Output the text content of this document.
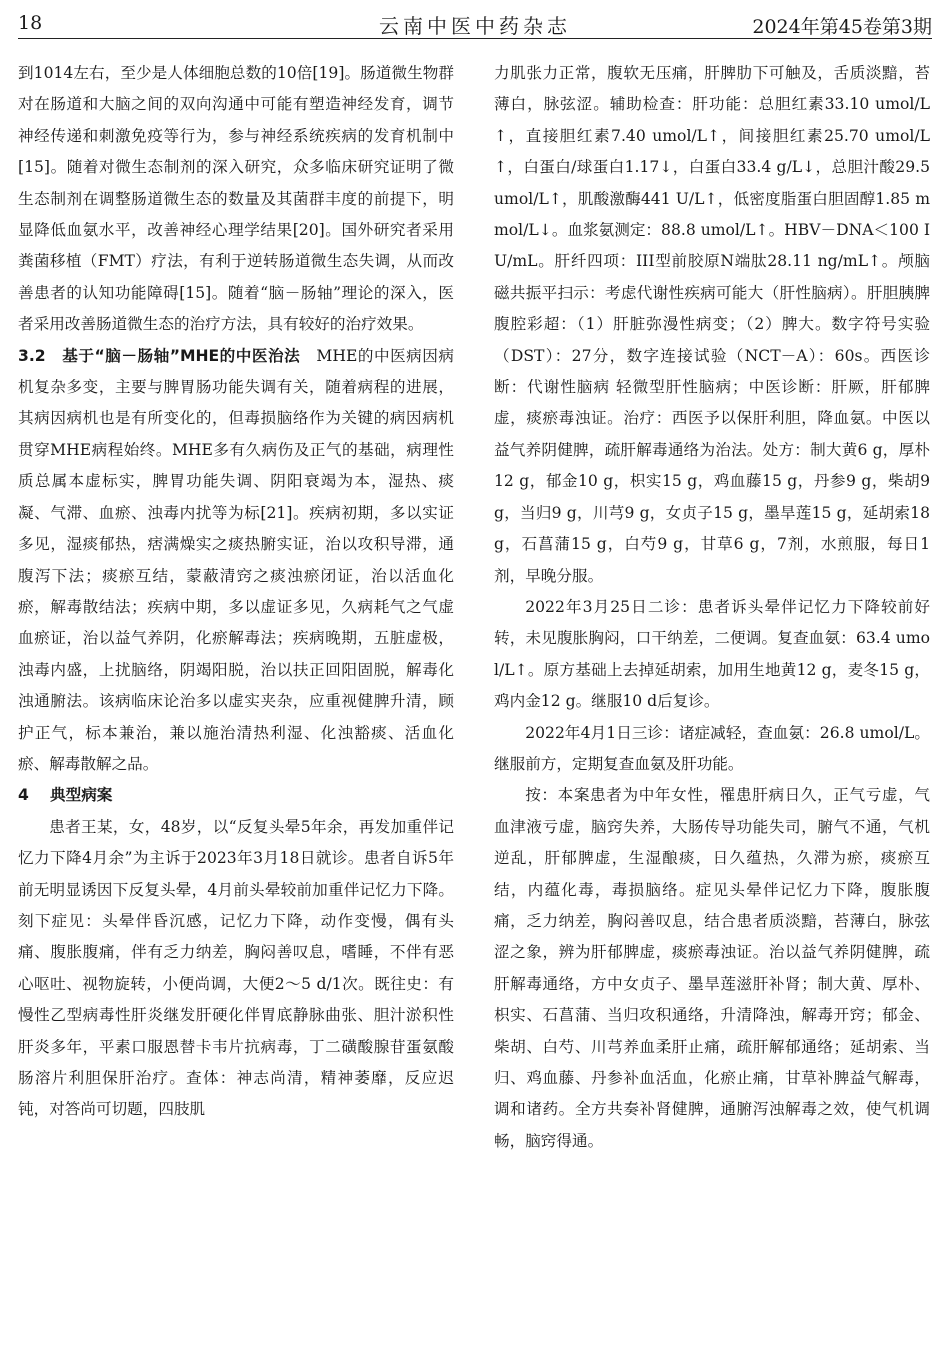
18	云南中医中药杂志	2024年第45卷第3期

到1014左右，至少是人体细胞总数的10倍[19]。肠道微生物群对在肠道和大脑之间的双向沟通中可能有塑造神经发育，调节神经传递和刺激免疫等行为，参与神经系统疾病的发育机制中[15]。随着对微生态制剂的深入研究，众多临床研究证明了微生态制剂在调整肠道微生态的数量及其菌群丰度的前提下，明显降低血氨水平，改善神经心理学结果[20]。国外研究者采用粪菌移植（FMT）疗法，有利于逆转肠道微生态失调，从而改善患者的认知功能障碍[15]。随着“脑－肠轴”理论的深入，医者采用改善肠道微生态的治疗方法，具有较好的治疗效果。

3.2　基于“脑－肠轴”MHE的中医治法　 MHE的中医病因病机复杂多变，主要与脾胃肠功能失调有关，随着病程的进展，其病因病机也是有所变化的，但毒损脑络作为关键的病因病机贯穿MHE病程始终。MHE多有久病伤及正气的基础，病理性质总属本虚标实，脾胃功能失调、阴阳衰竭为本，湿热、痰凝、气滞、血瘀、浊毒内扰等为标[21]。疾病初期，多以实证多见，湿痰郁热，痞满燥实之痰热腑实证，治以攻积导滞，通腹泻下法；痰瘀互结，蒙蔽清窍之痰浊瘀闭证，治以活血化瘀，解毒散结法；疾病中期，多以虚证多见，久病耗气之气虚血瘀证，治以益气养阴，化瘀解毒法；疾病晚期，五脏虚极，浊毒内盛，上扰脑络，阴竭阳脱，治以扶正回阳固脱，解毒化浊通腑法。该病临床论治多以虚实夹杂，应重视健脾升清，顾护正气，标本兼治，兼以施治清热利湿、化浊豁痰、活血化瘀、解毒散解之品。

4 典型病案

患者王某，女，48岁，以“反复头晕5年余，再发加重伴记忆力下降4月余”为主诉于2023年3月18日就诊。患者自诉5年前无明显诱因下反复头晕，4月前头晕较前加重伴记忆力下降。刻下症见：头晕伴昏沉感，记忆力下降，动作变慢，偶有头痛、腹胀腹痛，伴有乏力纳差，胸闷善叹息，嗜睡，不伴有恶心呕吐、视物旋转，小便尚调，大便2～5 d/1次。既往史：有慢性乙型病毒性肝炎继发肝硬化伴胃底静脉曲张、胆汁淤积性肝炎多年，平素口服恩替卡韦片抗病毒，丁二磺酸腺苷蛋氨酸肠溶片利胆保肝治疗。查体：神志尚清，精神萎靡，反应迟钝，对答尚可切题，四肢肌

力肌张力正常，腹软无压痛，肝脾肋下可触及，舌质淡黯，苔薄白，脉弦涩。辅助检查：肝功能：总胆红素33.10 umol/L↑，直接胆红素7.40 umol/L↑，间接胆红素25.70 umol/L↑，白蛋白/球蛋白1.17↓，白蛋白33.4 g/L↓，总胆汁酸29.5 umol/L↑，肌酸激酶441 U/L↑，低密度脂蛋白胆固醇1.85 mmol/L↓。血浆氨测定：88.8 umol/L↑。HBV－DNA＜100 IU/mL。肝纤四项：III型前胶原N端肽28.11 ng/mL↑。颅脑磁共振平扫示：考虑代谢性疾病可能大（肝性脑病）。肝胆胰脾腹腔彩超：（1）肝脏弥漫性病变；（2）脾大。数字符号实验（DST）：27分，数字连接试验（NCT－A）：60s。西医诊断：代谢性脑病 轻微型肝性脑病；中医诊断：肝厥，肝郁脾虚，痰瘀毒浊证。治疗：西医予以保肝利胆，降血氨。中医以益气养阴健脾，疏肝解毒通络为治法。处方：制大黄6 g，厚朴12 g，郁金10 g，枳实15 g，鸡血藤15 g，丹参9 g，柴胡9 g，当归9 g，川芎9 g，女贞子15 g，墨旱莲15 g，延胡索18 g，石菖蒲15 g，白芍9 g，甘草6 g，7剂，水煎服，每日1剂，早晚分服。

2022年3月25日二诊：患者诉头晕伴记忆力下降较前好转，未见腹胀胸闷，口干纳差，二便调。复查血氨：63.4 umol/L↑。原方基础上去掉延胡索，加用生地黄12 g，麦冬15 g，鸡内金12 g。继服10 d后复诊。

2022年4月1日三诊：诸症减轻，查血氨：26.8 umol/L。继服前方，定期复查血氨及肝功能。

按：本案患者为中年女性，罹患肝病日久，正气亏虚，气血津液亏虚，脑窍失养，大肠传导功能失司，腑气不通，气机逆乱，肝郁脾虚，生湿酿痰，日久蕴热，久滞为瘀，痰瘀互结，内蕴化毒，毒损脑络。症见头晕伴记忆力下降，腹胀腹痛，乏力纳差，胸闷善叹息，结合患者质淡黯，苔薄白，脉弦涩之象，辨为肝郁脾虚，痰瘀毒浊证。治以益气养阴健脾，疏肝解毒通络，方中女贞子、墨旱莲滋肝补肾；制大黄、厚朴、枳实、石菖蒲、当归攻积通络，升清降浊，解毒开窍；郁金、柴胡、白芍、川芎养血柔肝止痛，疏肝解郁通络；延胡索、当归、鸡血藤、丹参补血活血，化瘀止痛，甘草补脾益气解毒，调和诸药。全方共奏补肾健脾，通腑泻浊解毒之效，使气机调畅，脑窍得通。
